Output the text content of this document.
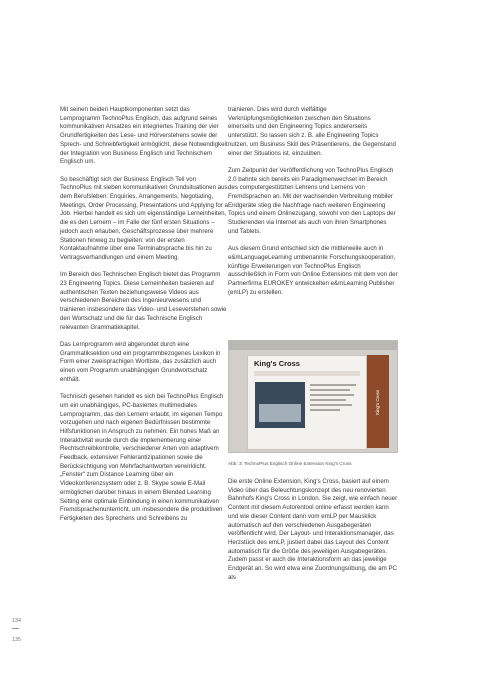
Mit seinen beiden Hauptkomponenten setzt das Lernprogramm TechnoPlus Englisch, das aufgrund seines kommunikativen Ansatzes ein integriertes Training der vier Grundfertigkeiten des Lese- und Hörverstehens sowie der Sprech- und Schreibfertigkeit ermöglicht, diese Notwendigkeit der Integration von Business Englisch und Technischem Englisch um.

So beschäftigt sich der Business Englisch Teil von TechnoPlus mit sieben kommunikativen Grundsituationen aus dem Berufsleben: Enquiries, Arrangements, Negotiating, Meetings, Order Processing, Presentations und Applying for a Job. Hierbei handelt es sich um eigenständige Lerneinheiten, die es den Lernern – im Falle der fünf ersten Situations – jedoch auch erlauben, Geschäftsprozesse über mehrere Stationen hinweg zu begleiten: von der ersten Kontaktaufnahme über eine Terminabsprache bis hin zu Vertragsverhandlungen und einem Meeting.

Im Bereich des Technischen Englisch bietet das Programm 23 Engineering Topics. Diese Lerneinheiten basieren auf authentischen Texten beziehungsweise Videos aus verschiedenen Bereichen des Ingenieurwesens und trainieren insbesondere das Video- und Leseverstehen sowie den Wortschatz und die für das Technische Englisch relevanten Grammatikkapitel.

Das Lernprogramm wird abgerundet durch eine Grammatiksektion und ein programmbezogenes Lexikon in Form einer zweisprachigen Wortliste, das zusätzlich auch einen vom Programm unabhängigen Grundwortschatz enthält.

Technisch gesehen handelt es sich bei TechnoPlus Englisch um ein unabhängiges, PC-basiertes multimediales Lernprogramm, das den Lernern erlaubt, im eigenen Tempo vorzugehen und nach eigenen Bedürfnissen bestimmte Hilfsfunktionen in Anspruch zu nehmen. Ein hohes Maß an Interaktivität wurde durch die Implementierung einer Rechtschreibkontrolle, verschiedener Arten von adaptivem Feedback, extensiver Fehlerantizipationen sowie die Berücksichtigung von Mehrfachantworten verwirklicht. „Fenster“ zum Distance Learning über ein Videokonferenzsystem oder z. B. Skype sowie E-Mail ermöglichen darüber hinaus in einem Blended Learning Setting eine optimale Einbindung in einen kommunikativen Fremdsprachenunterricht, um insbesondere die produktiven Fertigkeiten des Sprechens und Schreibens zu

trainieren. Dies wird durch vielfältige Verknüpfungsmöglichkeiten zwischen den Situations einerseits und den Engineering Topics andererseits unterstützt. So lassen sich z. B. alle Engineering Topics nutzen, um Business Skill des Präsentierens, die Gegenstand einer der Situations ist, einzuüben.

Zum Zeitpunkt der Veröffentlichung von TechnoPlus Englisch 2.0 bahnte sich bereits ein Paradigmenwechsel im Bereich des computergestützten Lehrens und Lernens von Fremdsprachen an. Mit der wachsenden Verbreitung mobiler Endgeräte stieg die Nachfrage nach weiteren Engineering Topics und einem Onlinezugang, sowohl von den Laptops der Studierenden via Internet als auch von ihren Smartphones und Tablets.

Aus diesem Grund entschied sich die mittlerweile auch in e&mLanguageLearning umbenannte Forschungskooperation, künftige Erweiterungen von TechnoPlus Englisch ausschließlich in Form von Online Extensions mit dem von der Partnerfirma EUROKEY entwickelten e&mLearning Publisher (emLP) zu erstellen.

King's Cross
King's Cross
Abb. 3: TechnoPlus Englisch Online Extension King's Cross

Die erste Online Extension, King's Cross, basiert auf einem Video über das Beleuchtungskonzept des neu renovierten Bahnhofs King's Cross in London. Sie zeigt, wie einfach neuer Content mit diesem Autorentool online erfasst werden kann und wie dieser Content dann vom emLP per Mausklick automatisch auf den verschiedenen Ausgabegeräten veröffentlicht wird. Der Layout- und Interaktionsmanager, das Herzstück des emLP, justiert dabei das Layout des Content automatisch für die Größe des jeweiligen Ausgabegerätes. Zudem passt er auch die Interaktionsform an das jeweilige Endgerät an. So wird etwa eine Zuordnungsübung, die am PC als

134
135
